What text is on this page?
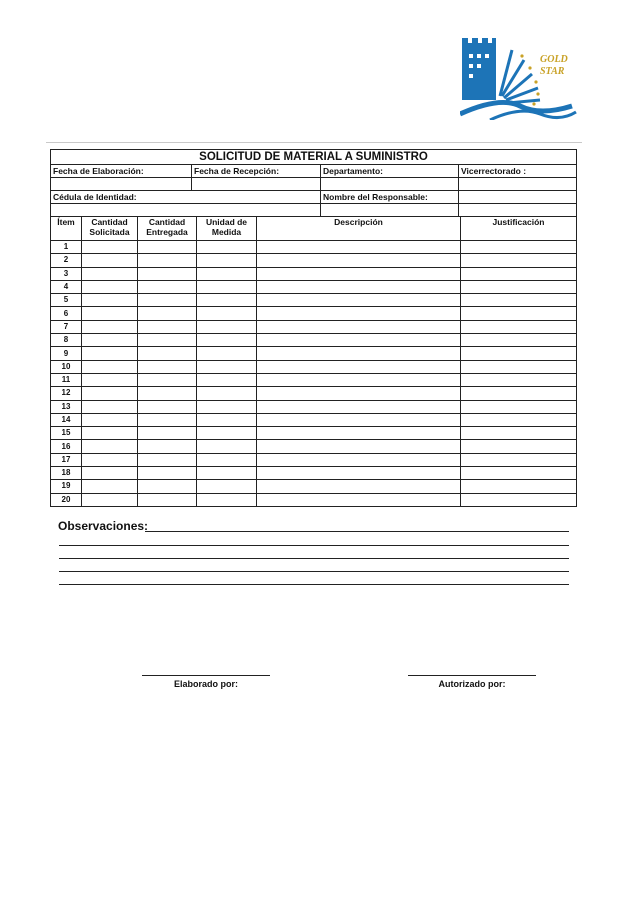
GOLD
STAR
SOLICITUD DE MATERIAL A SUMINISTRO			
Fecha de Elaboración:	Fecha de Recepción:	Departamento:	Vicerrectorado :

Cédula de Identidad:		Nombre del Responsable:	

Ítem	Cantidad Solicitada	Cantidad Entregada	Unidad de Medida	Descripción	Justificación
1					
2					
3					
4					
5					
6					
7					
8					
9					
10					
11					
12					
13					
14					
15					
16					
17					
18					
19					
20					
Observaciones:
Elaborado por:	Autorizado por:
